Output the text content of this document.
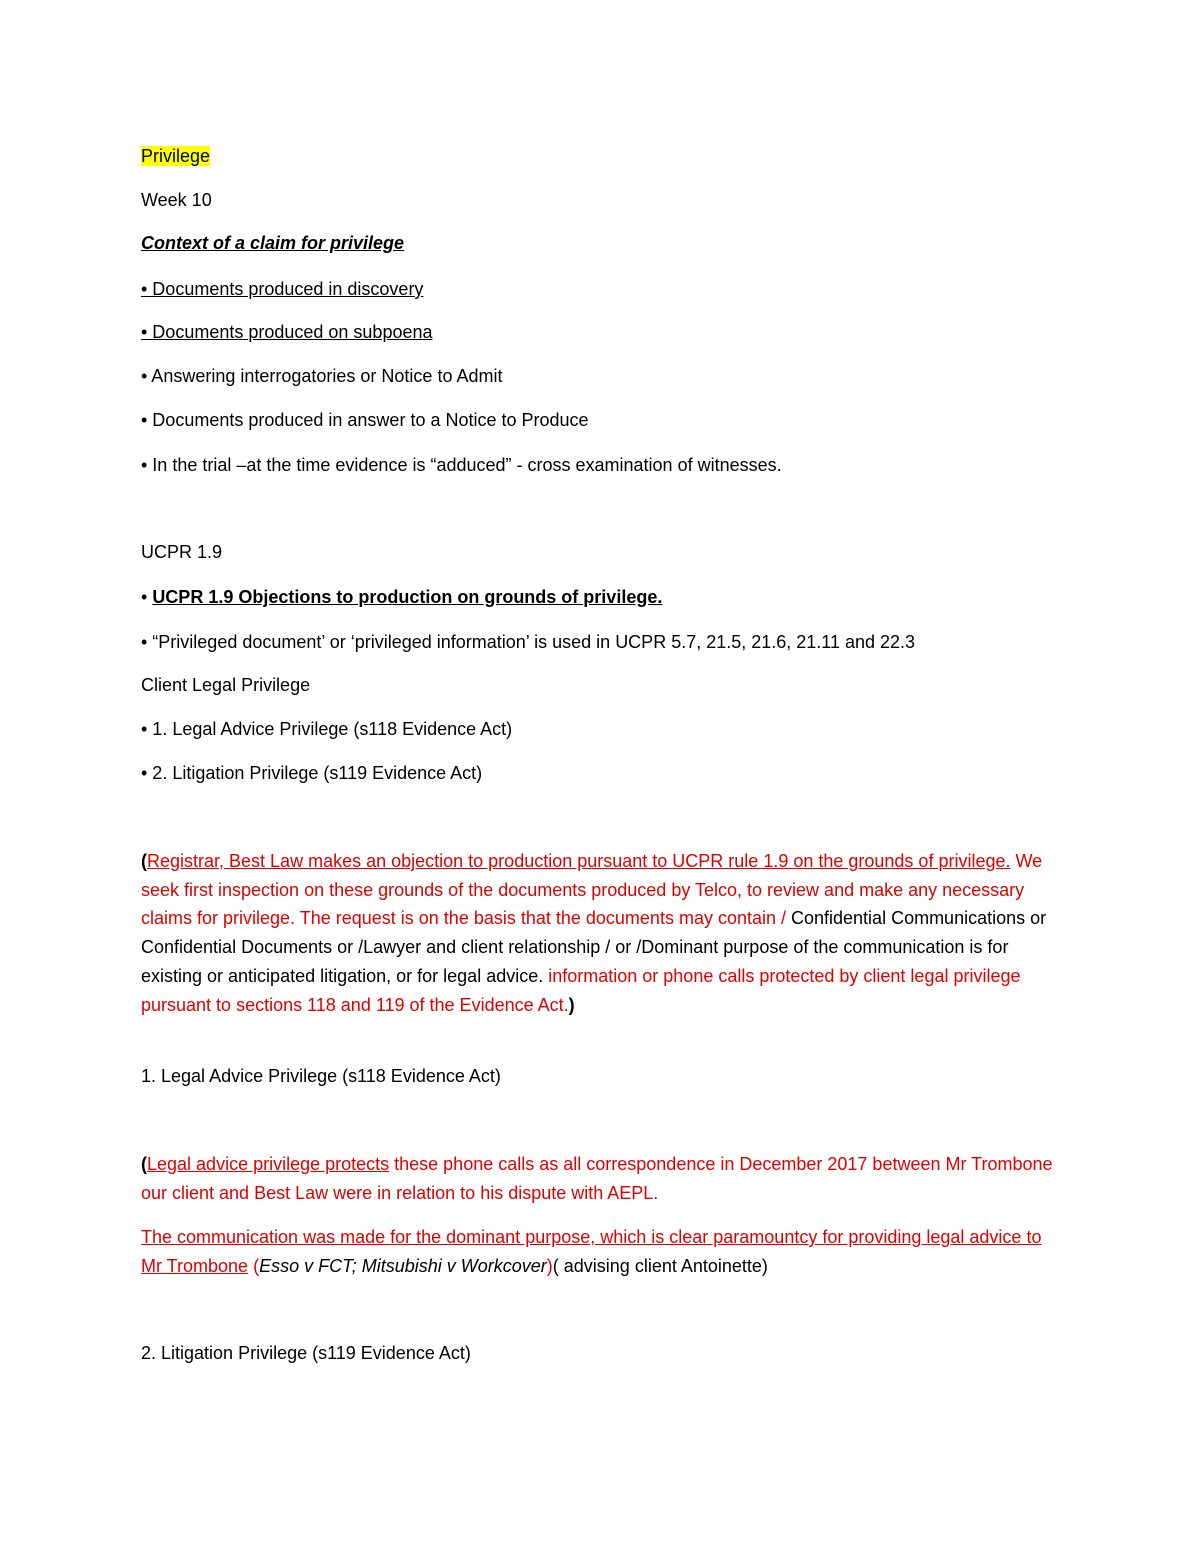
Privilege
Week 10
Context of a claim for privilege
• Documents produced in discovery
• Documents produced on subpoena
• Answering interrogatories or Notice to Admit
• Documents produced in answer to a Notice to Produce
• In the trial –at the time evidence is “adduced” - cross examination of witnesses.
UCPR 1.9
• UCPR 1.9 Objections to production on grounds of privilege.
• “Privileged document’ or ‘privileged information’ is used in UCPR 5.7, 21.5, 21.6, 21.11 and 22.3
Client Legal Privilege
• 1. Legal Advice Privilege (s118 Evidence Act)
• 2. Litigation Privilege (s119 Evidence Act)
(Registrar, Best Law makes an objection to production pursuant to UCPR rule 1.9 on the grounds of privilege. We seek first inspection on these grounds of the documents produced by Telco, to review and make any necessary claims for privilege. The request is on the basis that the documents may contain / Confidential Communications or Confidential Documents or /Lawyer and client relationship / or /Dominant purpose of the communication is for existing or anticipated litigation, or for legal advice. information or phone calls protected by client legal privilege pursuant to sections 118 and 119 of the Evidence Act.)
1. Legal Advice Privilege (s118 Evidence Act)
(Legal advice privilege protects these phone calls as all correspondence in December 2017 between Mr Trombone our client and Best Law were in relation to his dispute with AEPL.
The communication was made for the dominant purpose, which is clear paramountcy for providing legal advice to Mr Trombone (Esso v FCT; Mitsubishi v Workcover)( advising client Antoinette)
2. Litigation Privilege (s119 Evidence Act)
